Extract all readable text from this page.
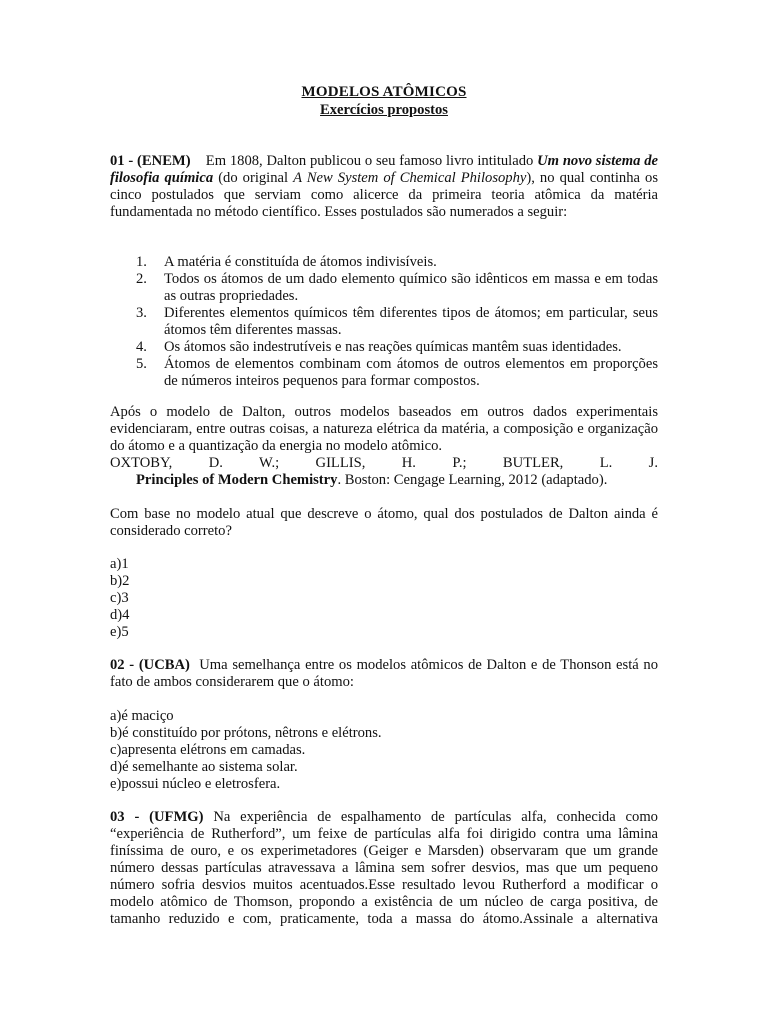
MODELOS ATÔMICOS
Exercícios propostos
01 - (ENEM) Em 1808, Dalton publicou o seu famoso livro intitulado Um novo sistema de filosofia química (do original A New System of Chemical Philosophy), no qual continha os cinco postulados que serviam como alicerce da primeira teoria atômica da matéria fundamentada no método científico. Esses postulados são numerados a seguir:
1. A matéria é constituída de átomos indivisíveis.
2. Todos os átomos de um dado elemento químico são idênticos em massa e em todas as outras propriedades.
3. Diferentes elementos químicos têm diferentes tipos de átomos; em particular, seus átomos têm diferentes massas.
4. Os átomos são indestrutíveis e nas reações químicas mantêm suas identidades.
5. Átomos de elementos combinam com átomos de outros elementos em proporções de números inteiros pequenos para formar compostos.
Após o modelo de Dalton, outros modelos baseados em outros dados experimentais evidenciaram, entre outras coisas, a natureza elétrica da matéria, a composição e organização do átomo e a quantização da energia no modelo atômico.
OXTOBY, D. W.; GILLIS, H. P.; BUTLER, L. J.
Principles of Modern Chemistry. Boston: Cengage Learning, 2012 (adaptado).
Com base no modelo atual que descreve o átomo, qual dos postulados de Dalton ainda é considerado correto?
a)1
b)2
c)3
d)4
e)5
02 - (UCBA) Uma semelhança entre os modelos atômicos de Dalton e de Thonson está no fato de ambos considerarem que o átomo:
a)é maciço
b)é constituído por prótons, nêtrons e elétrons.
c)apresenta elétrons em camadas.
d)é semelhante ao sistema solar.
e)possui núcleo e eletrosfera.
03 - (UFMG) Na experiência de espalhamento de partículas alfa, conhecida como “experiência de Rutherford”, um feixe de partículas alfa foi dirigido contra uma lâmina finíssima de ouro, e os experimetadores (Geiger e Marsden) observaram que um grande número dessas partículas atravessava a lâmina sem sofrer desvios, mas que um pequeno número sofria desvios muitos acentuados.Esse resultado levou Rutherford a modificar o modelo atômico de Thomson, propondo a existência de um núcleo de carga positiva, de tamanho reduzido e com, praticamente, toda a massa do átomo.Assinale a alternativa
